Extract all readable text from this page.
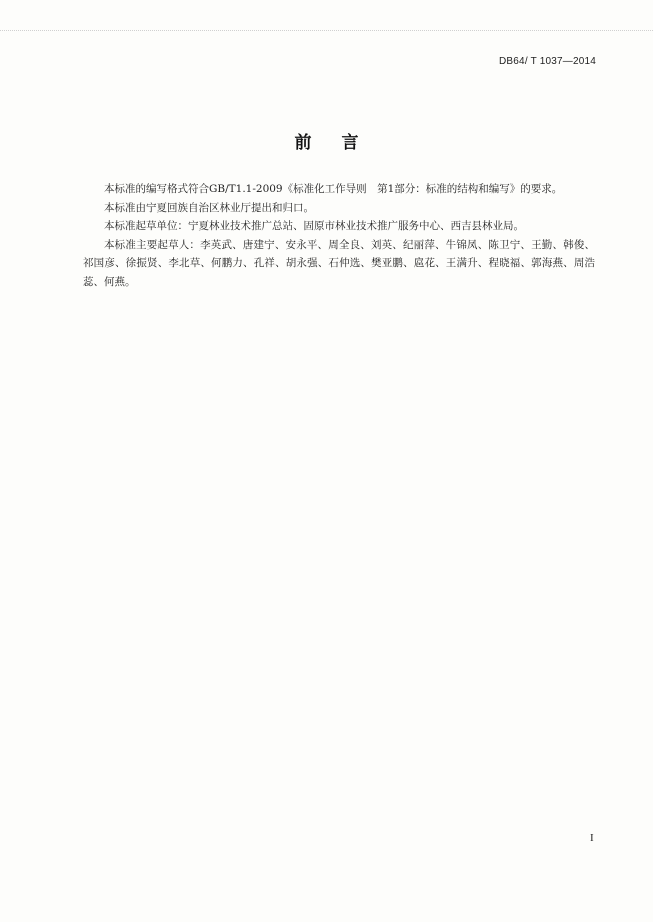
DB64/ T 1037—2014
前 言

本标准的编写格式符合GB/T1.1-2009《标准化工作导则　第1部分：标准的结构和编写》的要求。

本标准由宁夏回族自治区林业厅提出和归口。

本标准起草单位：宁夏林业技术推广总站、固原市林业技术推广服务中心、西吉县林业局。

本标准主要起草人：李英武、唐建宁、安永平、周全良、刘英、纪丽萍、牛锦凤、陈卫宁、王勤、韩俊、祁国彦、徐振贤、李北草、何鹏力、孔祥、胡永强、石仲选、樊亚鹏、扈花、王满升、程晓福、郭海燕、周浩蕊、何燕。

I
